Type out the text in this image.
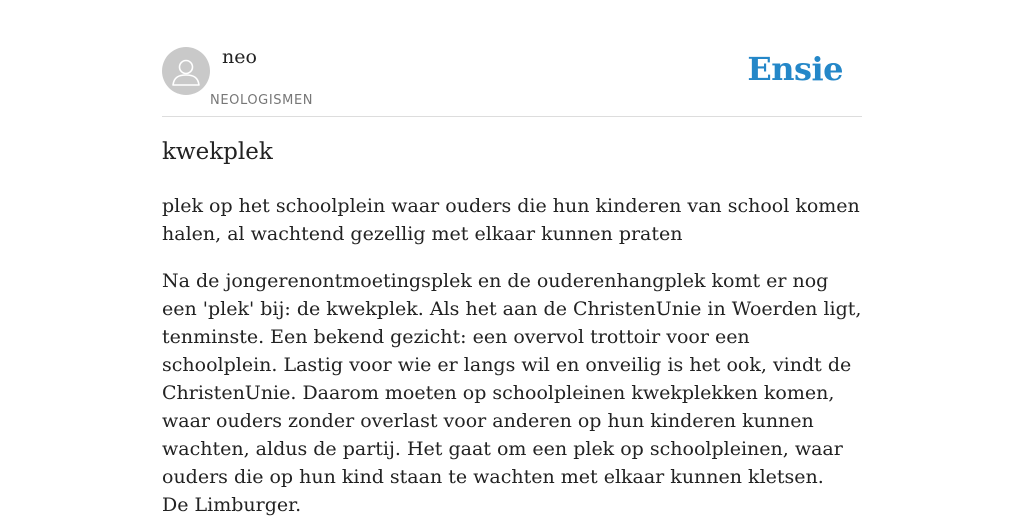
neo
NEOLOGISMEN
Ensie
kwekplek

plek op het schoolplein waar ouders die hun kinderen van school komen halen, al wachtend gezellig met elkaar kunnen praten

Na de jongerenontmoetingsplek en de ouderenhangplek komt er nog een 'plek' bij: de kwekplek. Als het aan de ChristenUnie in Woerden ligt, tenminste. Een bekend gezicht: een overvol trottoir voor een schoolplein. Lastig voor wie er langs wil en onveilig is het ook, vindt de ChristenUnie. Daarom moeten op schoolpleinen kwekplekken komen, waar ouders zonder overlast voor anderen op hun kinderen kunnen wachten, aldus de partij. Het gaat om een plek op schoolpleinen, waar ouders die op hun kind staan te wachten met elkaar kunnen kletsen.
De Limburger.
